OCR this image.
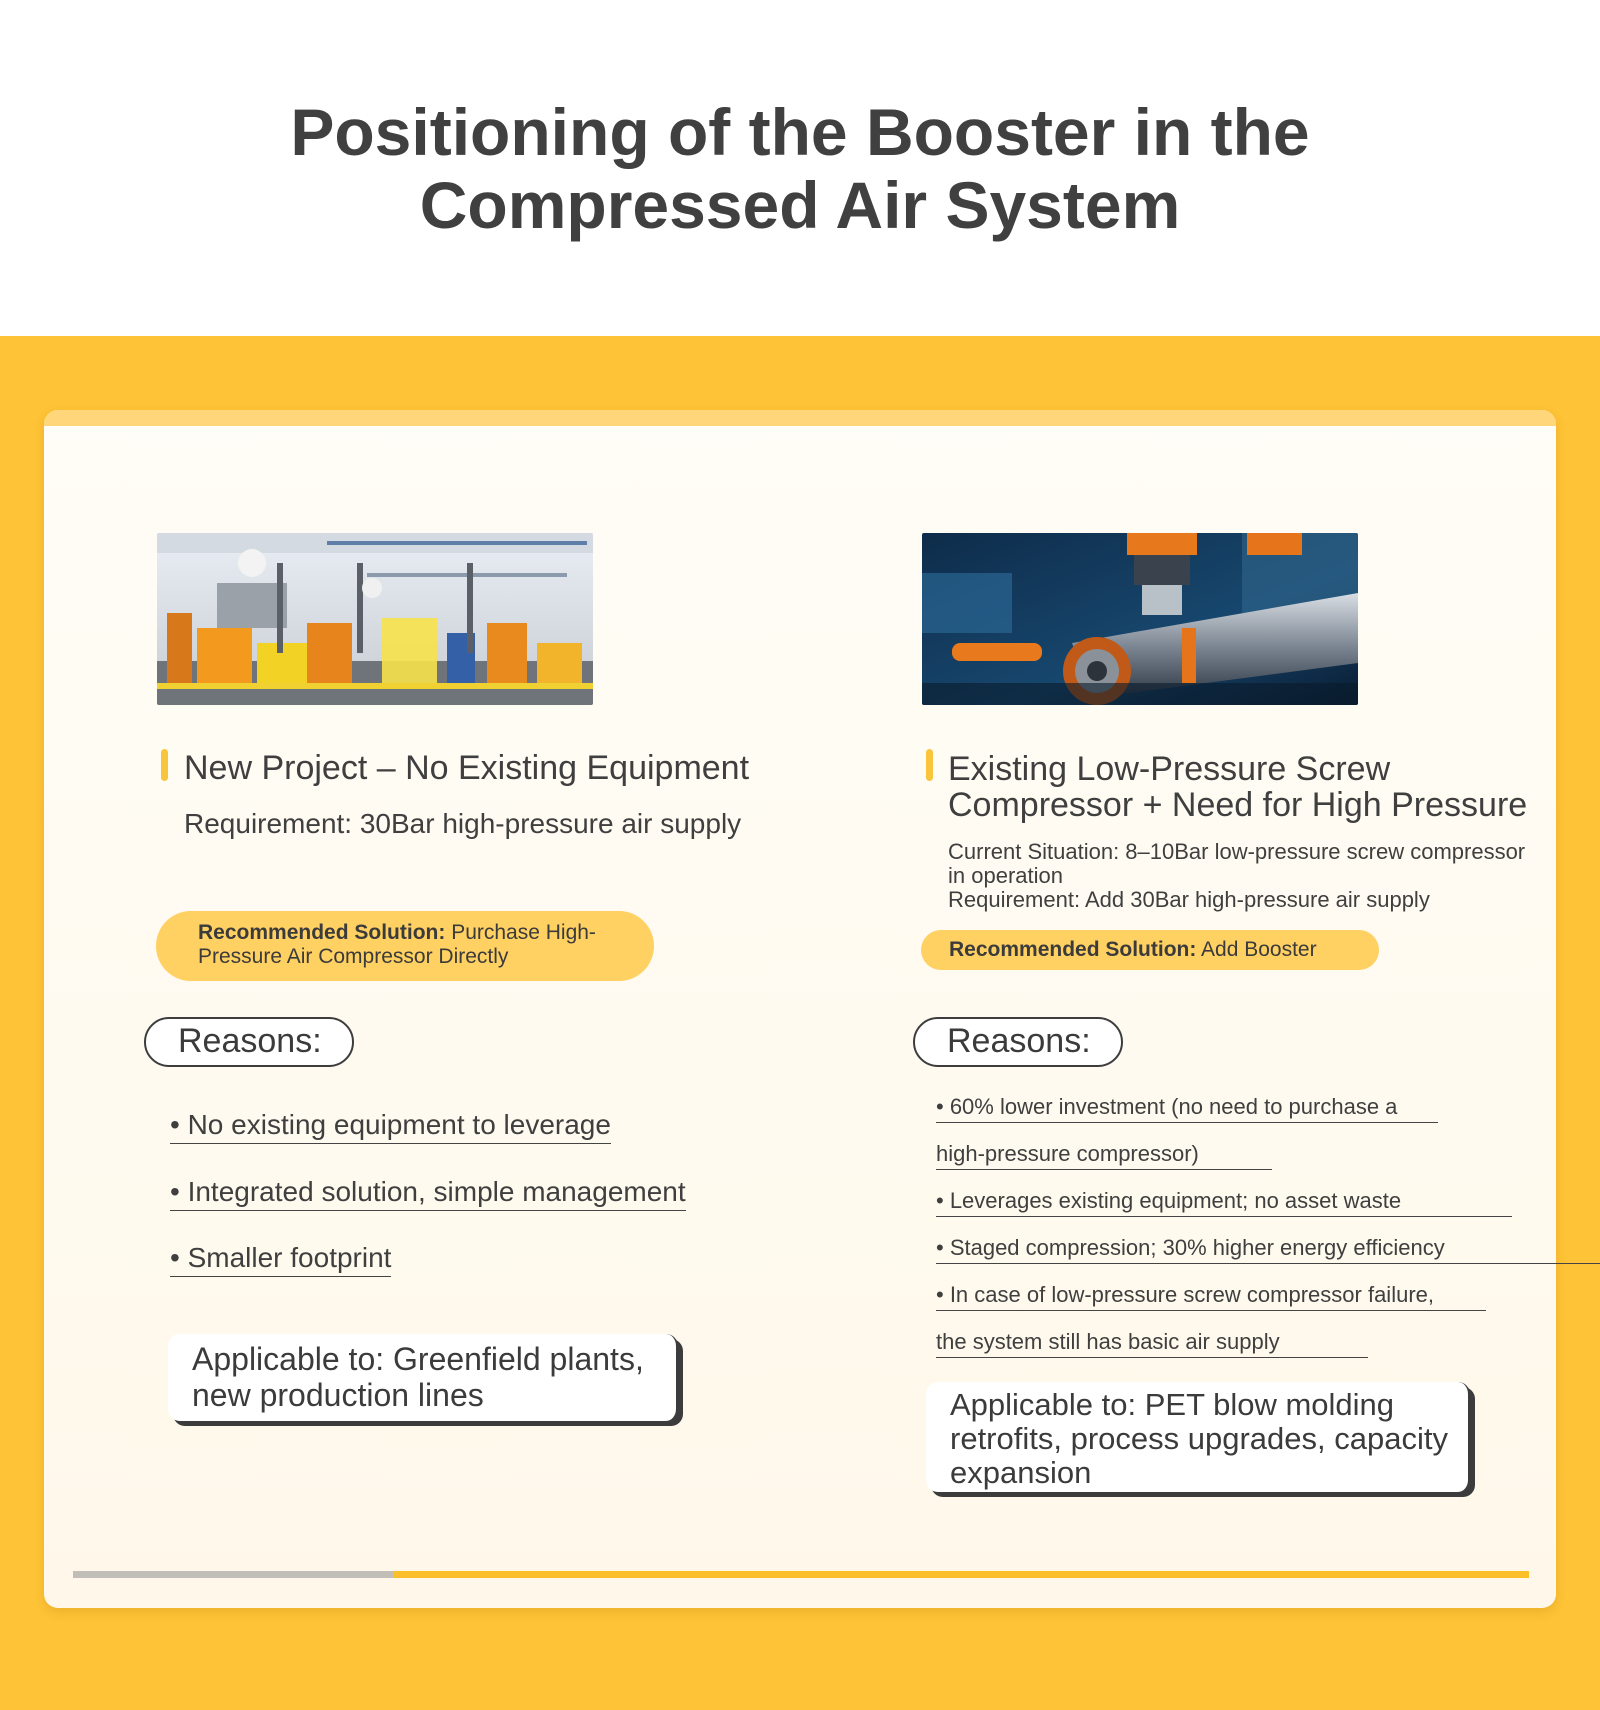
Positioning of the Booster in the
Compressed Air System
New Project – No Existing Equipment
Requirement: 30Bar high-pressure air supply
Recommended Solution: Purchase High-Pressure Air Compressor Directly
Reasons:
• No existing equipment to leverage
• Integrated solution, simple management
• Smaller footprint
Applicable to: Greenfield plants, new production lines
Existing Low-Pressure Screw Compressor + Need for High Pressure
Current Situation: 8–10Bar low-pressure screw compressor in operation
Requirement: Add 30Bar high-pressure air supply
Recommended Solution: Add Booster
Reasons:
• 60% lower investment (no need to purchase a
high-pressure compressor)
• Leverages existing equipment; no asset waste
• Staged compression; 30% higher energy efficiency
• In case of low-pressure screw compressor failure,
the system still has basic air supply
Applicable to: PET blow molding retrofits, process upgrades, capacity expansion
